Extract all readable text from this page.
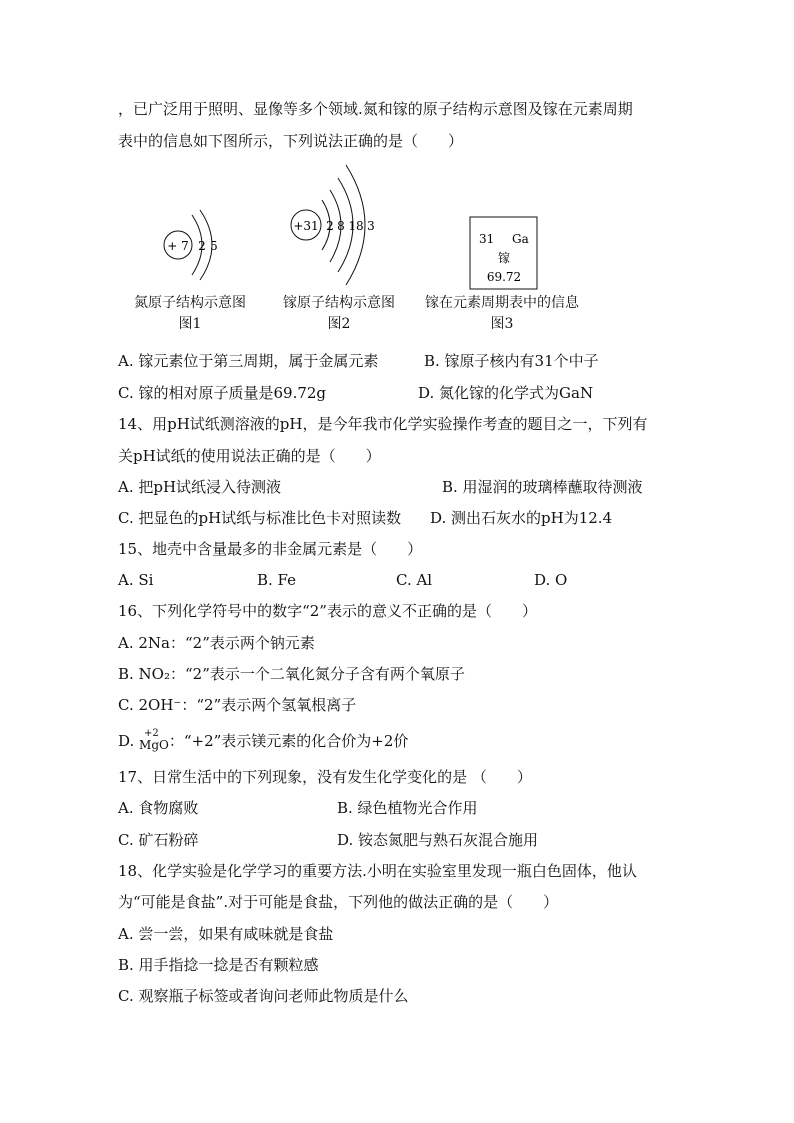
，已广泛用于照明、显像等多个领域.氮和镓的原子结构示意图及镓在元素周期
表中的信息如下图所示，下列说法正确的是（　　）
+ 7 2 5
+31 2 8 18 3
31 Ga
镓
69.72
氮原子结构示意图
图1
镓原子结构示意图
图2
镓在元素周期表中的信息
图3
A. 镓元素位于第三周期，属于金属元素	B. 镓原子核内有31个中子
C. 镓的相对原子质量是69.72g	D. 氮化镓的化学式为GaN
14、用pH试纸测溶液的pH，是今年我市化学实验操作考查的题目之一，下列有
关pH试纸的使用说法正确的是（　　）
A. 把pH试纸浸入待测液	B. 用湿润的玻璃棒蘸取待测液
C. 把显色的pH试纸与标准比色卡对照读数 D. 测出石灰水的pH为12.4
15、地壳中含量最多的非金属元素是（　　）
A. Si	B. Fe	C. Al	D. O
16、下列化学符号中的数字“2”表示的意义不正确的是（　　）
A. 2Na：“2”表示两个钠元素
B. NO₂：“2”表示一个二氧化氮分子含有两个氧原子
C. 2OH⁻：“2”表示两个氢氧根离子
D. +2
MgO：“+2”表示镁元素的化合价为+2价
17、日常生活中的下列现象，没有发生化学变化的是 （　　）
A. 食物腐败	B. 绿色植物光合作用
C. 矿石粉碎	D. 铵态氮肥与熟石灰混合施用
18、化学实验是化学学习的重要方法.小明在实验室里发现一瓶白色固体，他认
为“可能是食盐”.对于可能是食盐，下列他的做法正确的是（　　）
A. 尝一尝，如果有咸味就是食盐
B. 用手指捻一捻是否有颗粒感
C. 观察瓶子标签或者询问老师此物质是什么
